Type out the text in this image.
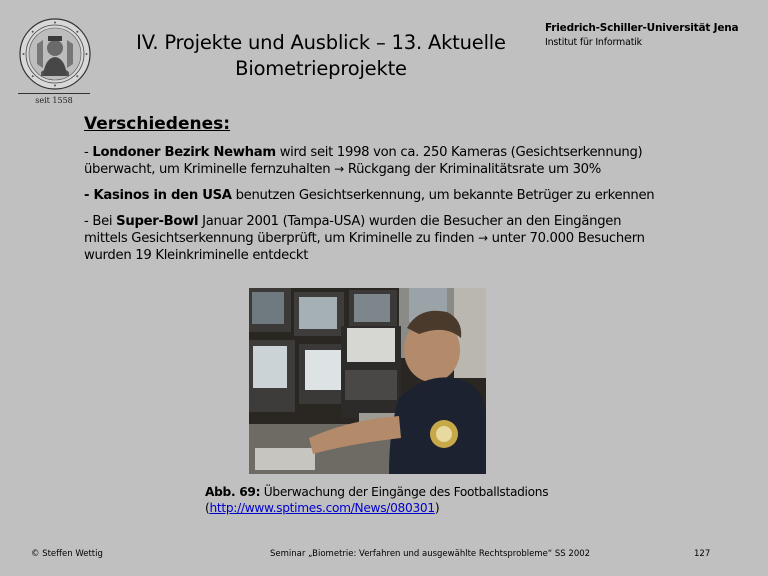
seit 1558
IV. Projekte und Ausblick – 13. Aktuelle
Biometrieprojekte
Friedrich-Schiller-Universität Jena
Institut für Informatik
Verschiedenes:
- Londoner Bezirk Newham wird seit 1998 von ca. 250 Kameras (Gesichtserkennung)
überwacht, um Kriminelle fernzuhalten → Rückgang der Kriminalitätsrate um 30%
- Kasinos in den USA benutzen Gesichtserkennung, um bekannte Betrüger zu erkennen
- Bei Super-Bowl Januar 2001 (Tampa-USA) wurden die Besucher an den Eingängen
mittels Gesichtserkennung überprüft, um Kriminelle zu finden → unter 70.000 Besuchern
wurden 19 Kleinkriminelle entdeckt
Abb. 69: Überwachung der Eingänge des Footballstadions
(http://www.sptimes.com/News/080301)
© Steffen Wettig	Seminar „Biometrie: Verfahren und ausgewählte Rechtsprobleme“ SS 2002	127
